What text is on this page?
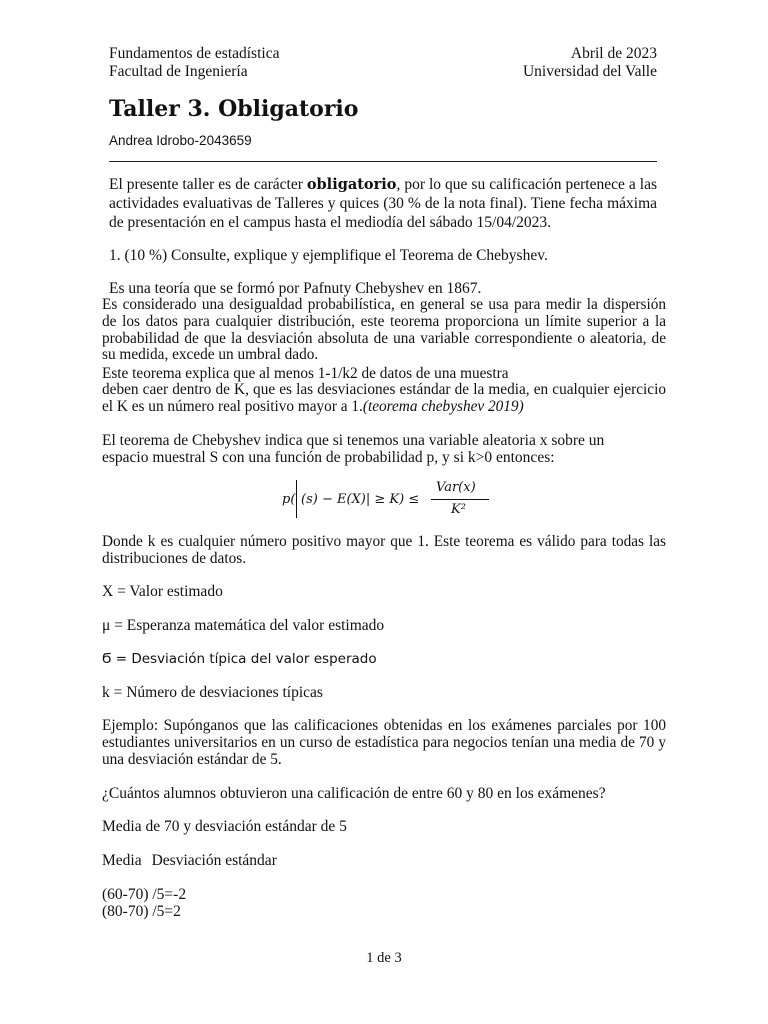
Fundamentos de estadística
Facultad de Ingeniería
Abril de 2023
Universidad del Valle
Taller 3. Obligatorio
Andrea Idrobo-2043659
El presente taller es de carácter obligatorio, por lo que su calificación pertenece a las actividades evaluativas de Talleres y quices (30 % de la nota final). Tiene fecha máxima de presentación en el campus hasta el mediodía del sábado 15/04/2023.
1. (10 %) Consulte, explique y ejemplifique el Teorema de Chebyshev.
Es una teoría que se formó por Pafnuty Chebyshev en 1867.
Es considerado una desigualdad probabilística, en general se usa para medir la dispersión de los datos para cualquier distribución, este teorema proporciona un límite superior a la probabilidad de que la desviación absoluta de una variable correspondiente o aleatoria, de su medida, excede un umbral dado.
Este teorema explica que al menos 1-1/k2 de datos de una muestra
deben caer dentro de K, que es las desviaciones estándar de la media, en cualquier ejercicio el K es un número real positivo mayor a 1.(teorema chebyshev 2019)
El teorema de Chebyshev indica que si tenemos una variable aleatoria x sobre un
espacio muestral S con una función de probabilidad p, y si k>0 entonces:
p( (s) − E(X)| ≥ K) ≤
Var(x)
K²
Donde k es cualquier número positivo mayor que 1. Este teorema es válido para todas las distribuciones de datos.
X = Valor estimado
μ = Esperanza matemática del valor estimado
Ϭ = Desviación típica del valor esperado
k = Número de desviaciones típicas
Ejemplo: Supónganos que las calificaciones obtenidas en los exámenes parciales por 100 estudiantes universitarios en un curso de estadística para negocios tenían una media de 70 y una desviación estándar de 5.
¿Cuántos alumnos obtuvieron una calificación de entre 60 y 80 en los exámenes?
Media de 70 y desviación estándar de 5
Media Desviación estándar
(60-70) /5=-2
(80-70) /5=2
1 de 3
